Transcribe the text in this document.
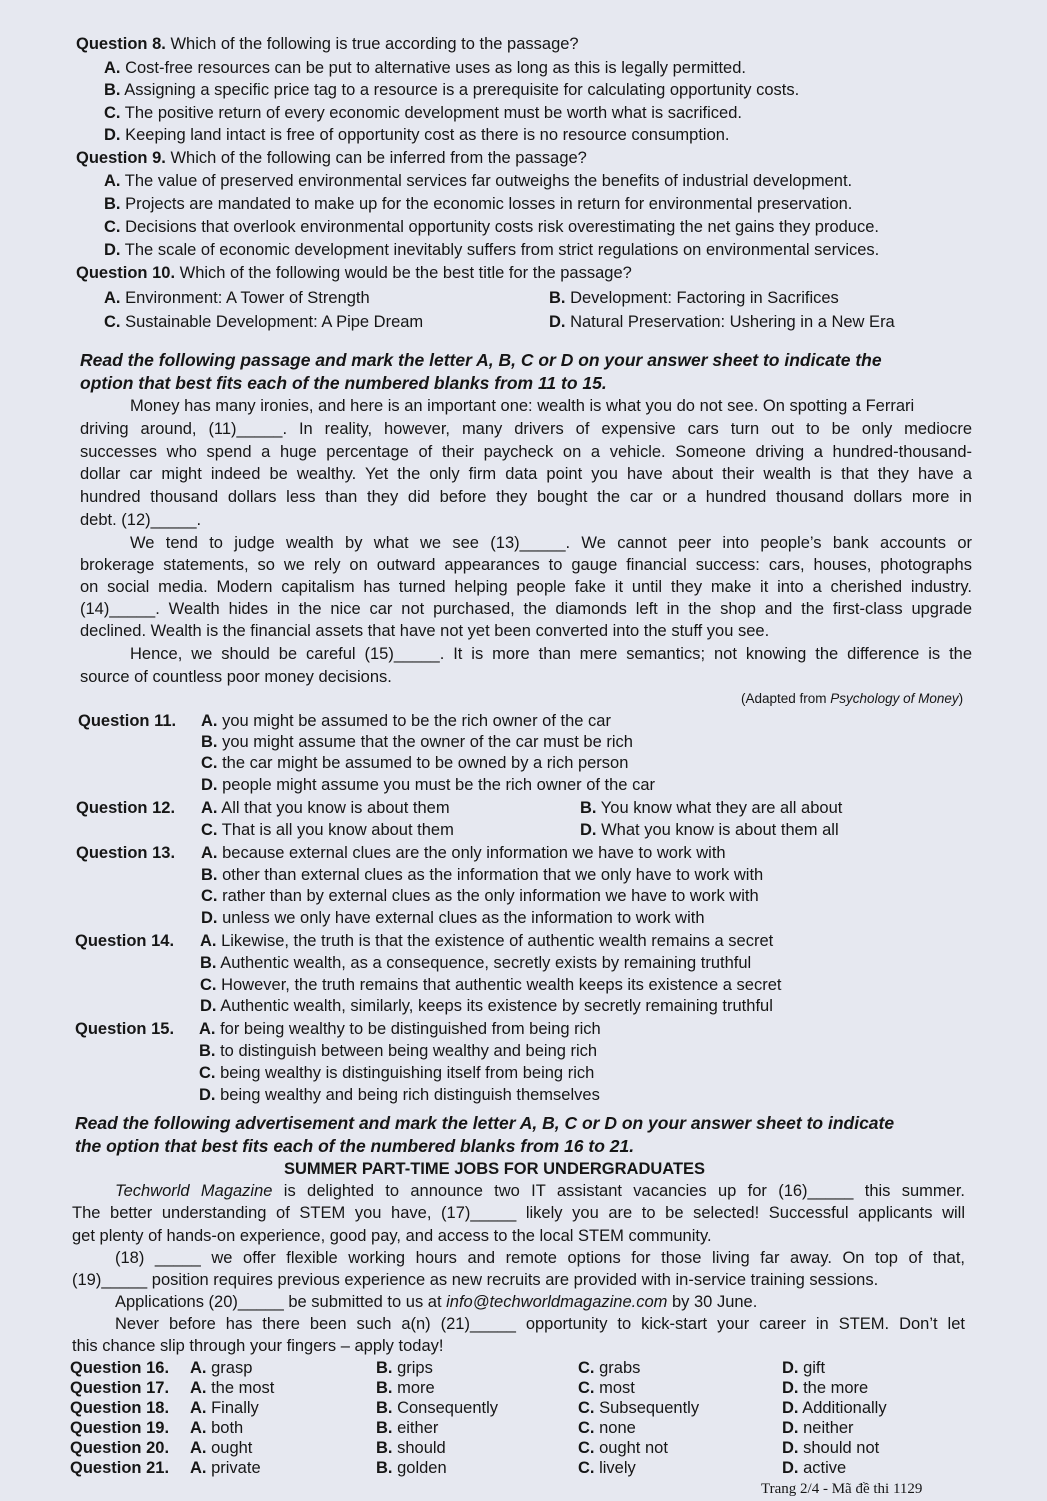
Question 8. Which of the following is true according to the passage?
A. Cost-free resources can be put to alternative uses as long as this is legally permitted.
B. Assigning a specific price tag to a resource is a prerequisite for calculating opportunity costs.
C. The positive return of every economic development must be worth what is sacrificed.
D. Keeping land intact is free of opportunity cost as there is no resource consumption.
Question 9. Which of the following can be inferred from the passage?
A. The value of preserved environmental services far outweighs the benefits of industrial development.
B. Projects are mandated to make up for the economic losses in return for environmental preservation.
C. Decisions that overlook environmental opportunity costs risk overestimating the net gains they produce.
D. The scale of economic development inevitably suffers from strict regulations on environmental services.
Question 10. Which of the following would be the best title for the passage?
A. Environment: A Tower of Strength	B. Development: Factoring in Sacrifices
C. Sustainable Development: A Pipe Dream	D. Natural Preservation: Ushering in a New Era
Read the following passage and mark the letter A, B, C or D on your answer sheet to indicate the
option that best fits each of the numbered blanks from 11 to 15.
Money has many ironies, and here is an important one: wealth is what you do not see. On spotting a Ferrari
driving around, (11)_____. In reality, however, many drivers of expensive cars turn out to be only mediocre
successes who spend a huge percentage of their paycheck on a vehicle. Someone driving a hundred-thousand-
dollar car might indeed be wealthy. Yet the only firm data point you have about their wealth is that they have a
hundred thousand dollars less than they did before they bought the car or a hundred thousand dollars more in
debt. (12)_____.
We tend to judge wealth by what we see (13)_____. We cannot peer into people’s bank accounts or
brokerage statements, so we rely on outward appearances to gauge financial success: cars, houses, photographs
on social media. Modern capitalism has turned helping people fake it until they make it into a cherished industry.
(14)_____. Wealth hides in the nice car not purchased, the diamonds left in the shop and the first-class upgrade
declined. Wealth is the financial assets that have not yet been converted into the stuff you see.
Hence, we should be careful (15)_____. It is more than mere semantics; not knowing the difference is the
source of countless poor money decisions.
(Adapted from Psychology of Money)
Question 11. A. you might be assumed to be the rich owner of the car
B. you might assume that the owner of the car must be rich
C. the car might be assumed to be owned by a rich person
D. people might assume you must be the rich owner of the car
Question 12. A. All that you know is about them	B. You know what they are all about
C. That is all you know about them	D. What you know is about them all
Question 13. A. because external clues are the only information we have to work with
B. other than external clues as the information that we only have to work with
C. rather than by external clues as the only information we have to work with
D. unless we only have external clues as the information to work with
Question 14. A. Likewise, the truth is that the existence of authentic wealth remains a secret
B. Authentic wealth, as a consequence, secretly exists by remaining truthful
C. However, the truth remains that authentic wealth keeps its existence a secret
D. Authentic wealth, similarly, keeps its existence by secretly remaining truthful
Question 15. A. for being wealthy to be distinguished from being rich
B. to distinguish between being wealthy and being rich
C. being wealthy is distinguishing itself from being rich
D. being wealthy and being rich distinguish themselves
Read the following advertisement and mark the letter A, B, C or D on your answer sheet to indicate
the option that best fits each of the numbered blanks from 16 to 21.
SUMMER PART-TIME JOBS FOR UNDERGRADUATES
Techworld Magazine is delighted to announce two IT assistant vacancies up for (16)_____ this summer.
The better understanding of STEM you have, (17)_____ likely you are to be selected! Successful applicants will
get plenty of hands-on experience, good pay, and access to the local STEM community.
(18) _____ we offer flexible working hours and remote options for those living far away. On top of that,
(19)_____ position requires previous experience as new recruits are provided with in-service training sessions.
Applications (20)_____ be submitted to us at info@techworldmagazine.com by 30 June.
Never before has there been such a(n) (21)_____ opportunity to kick-start your career in STEM. Don’t let
this chance slip through your fingers – apply today!
Question 16. A. grasp	B. grips	C. grabs	D. gift
Question 17. A. the most	B. more	C. most	D. the more
Question 18. A. Finally	B. Consequently	C. Subsequently	D. Additionally
Question 19. A. both	B. either	C. none	D. neither
Question 20. A. ought	B. should	C. ought not	D. should not
Question 21. A. private	B. golden	C. lively	D. active
Trang 2/4 - Mã đề thi 1129
